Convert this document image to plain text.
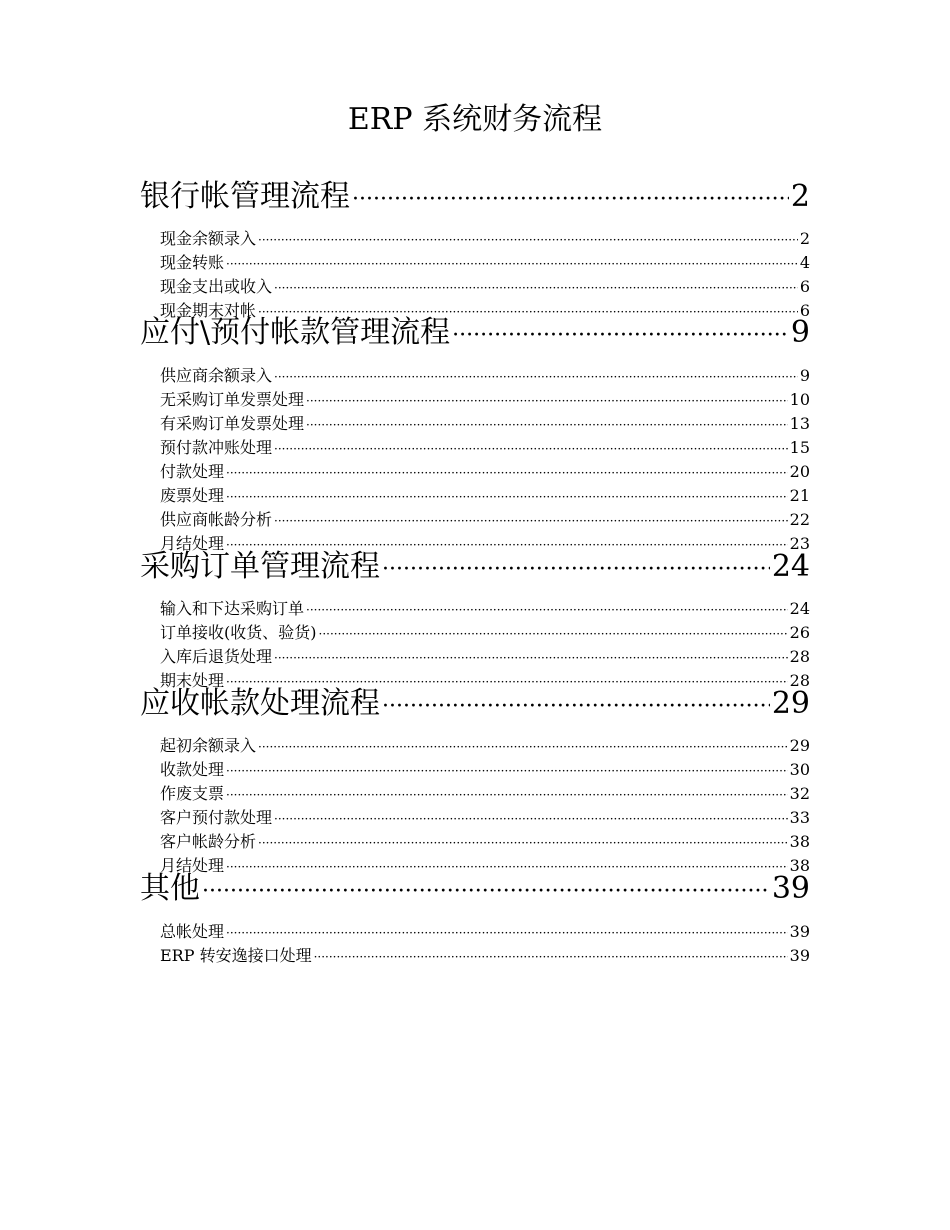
ERP 系统财务流程
银行帐管理流程 ·····	2
现金余额录入 ·····	2
现金转账 ·····	4
现金支出或收入 ·····	6
现金期末对帐 ·····	6
应付\预付帐款管理流程 ·····	9
供应商余额录入 ·····	9
无采购订单发票处理 ·····	10
有采购订单发票处理 ·····	13
预付款冲账处理 ·····	15
付款处理 ·····	20
废票处理 ·····	21
供应商帐龄分析 ·····	22
月结处理 ·····	23
采购订单管理流程 ·····	24
输入和下达采购订单 ·····	24
订单接收(收货、验货) ·····	26
入库后退货处理 ·····	28
期末处理 ·····	28
应收帐款处理流程 ·····	29
起初余额录入 ·····	29
收款处理 ·····	30
作废支票 ·····	32
客户预付款处理 ·····	33
客户帐龄分析 ·····	38
月结处理 ·····	38
其他 ·····	39
总帐处理 ·····	39
ERP 转安逸接口处理 ·····	39
